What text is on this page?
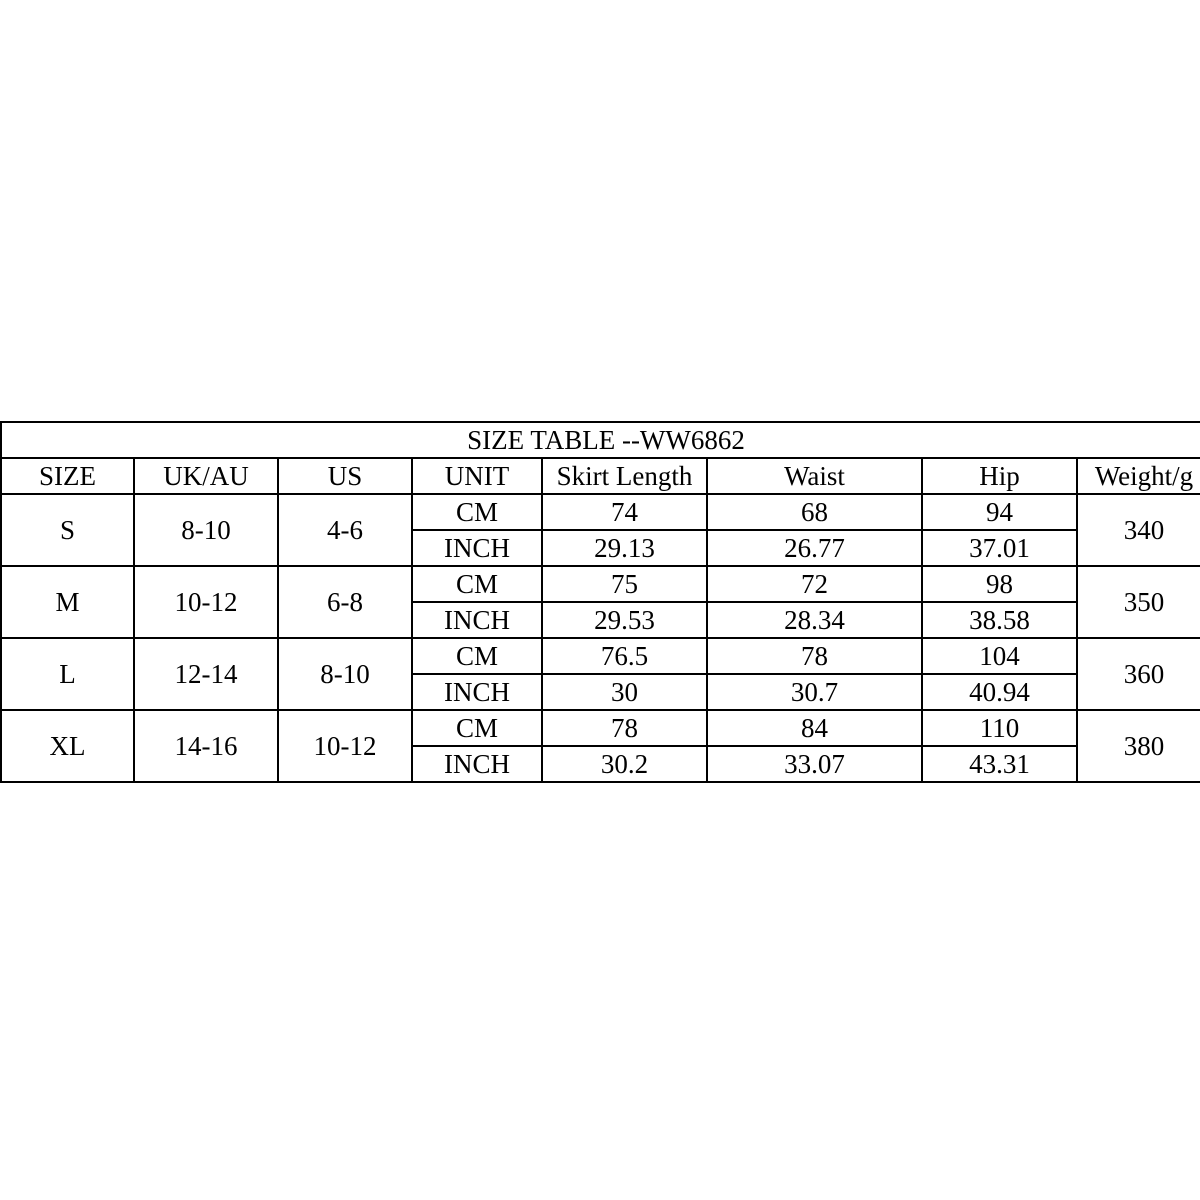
SIZE TABLE --WW6862							
SIZE	UK/AU	US	UNIT	Skirt Length	Waist	Hip	Weight/g
S	8-10	4-6	CM	74	68	94	340
			INCH	29.13	26.77	37.01	
M	10-12	6-8	CM	75	72	98	350
			INCH	29.53	28.34	38.58	
L	12-14	8-10	CM	76.5	78	104	360
			INCH	30	30.7	40.94	
XL	14-16	10-12	CM	78	84	110	380
			INCH	30.2	33.07	43.31	
